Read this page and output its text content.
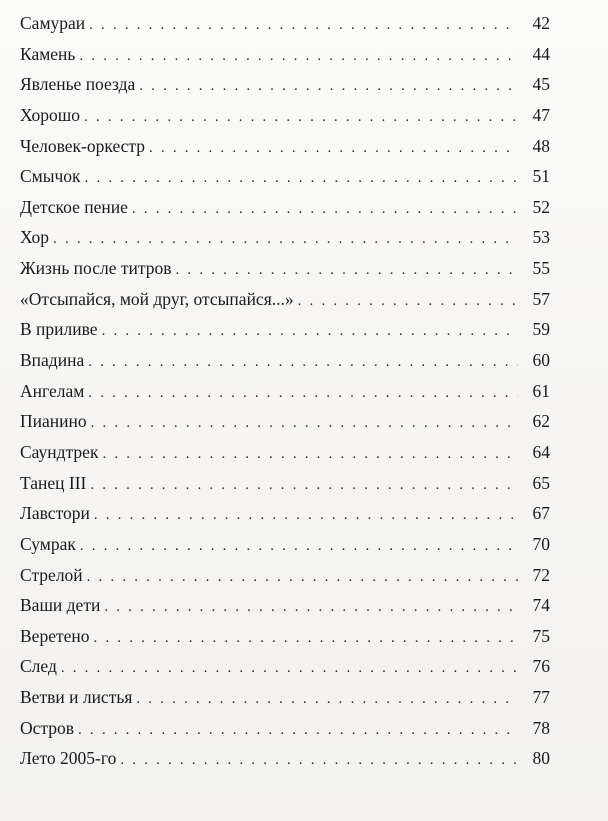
Самураи . . .	42
Камень . . .	44
Явленье поезда . . .	45
Хорошо . . .	47
Человек-оркестр . . .	48
Смычок . . .	51
Детское пение . . .	52
Хор . . .	53
Жизнь после титров . . .	55
«Отсыпайся, мой друг, отсыпайся...» . . .	57
В приливе . . .	59
Впадина . . .	60
Ангелам . . .	61
Пианино . . .	62
Саундтрек . . .	64
Танец III . . .	65
Лавстори . . .	67
Сумрак . . .	70
Стрелой . . .	72
Ваши дети . . .	74
Веретено . . .	75
След . . .	76
Ветви и листья . . .	77
Остров . . .	78
Лето 2005-го . . .	80
